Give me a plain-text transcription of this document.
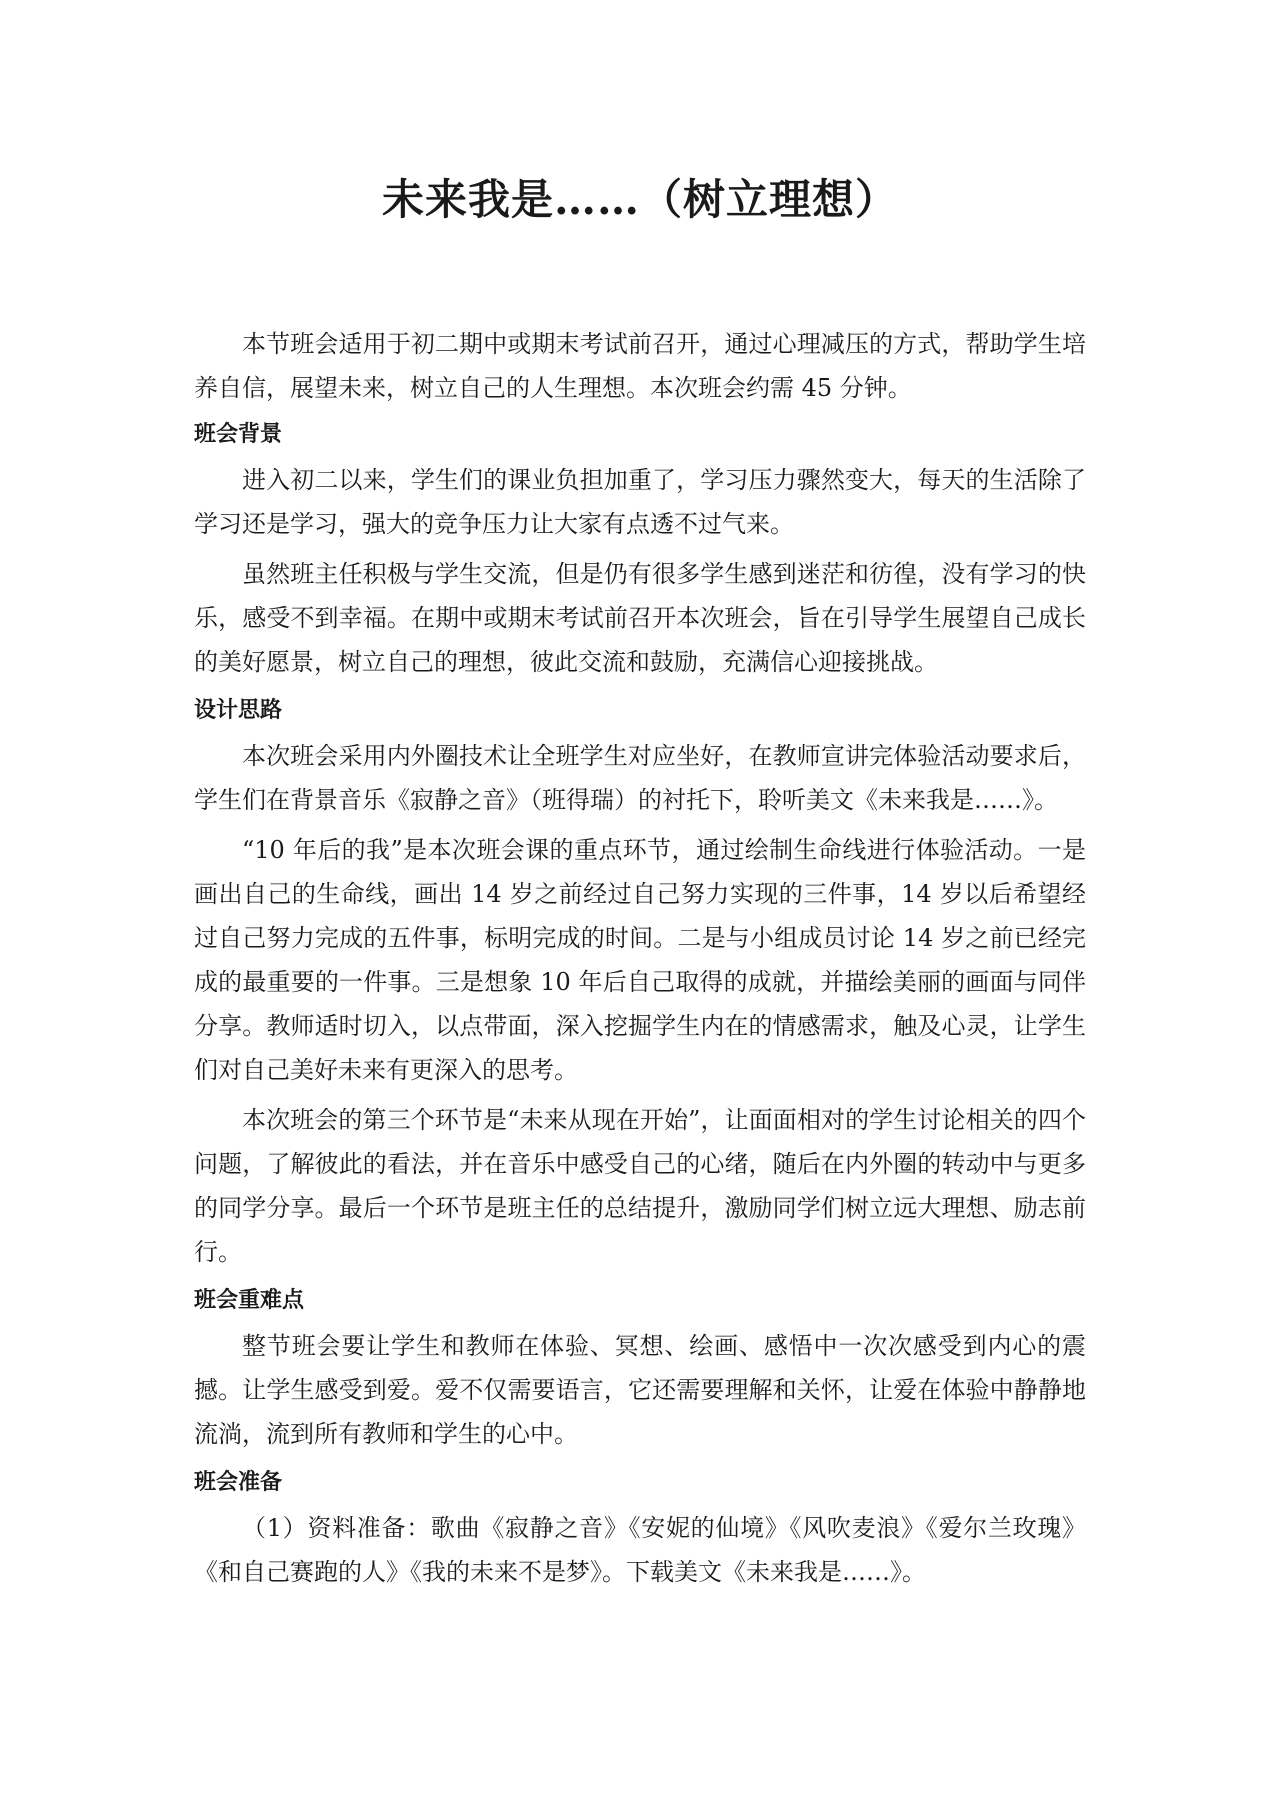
未来我是……（树立理想）

本节班会适用于初二期中或期末考试前召开，通过心理减压的方式，帮助学生培养自信，展望未来，树立自己的人生理想。本次班会约需 45 分钟。

班会背景

进入初二以来，学生们的课业负担加重了，学习压力骤然变大，每天的生活除了学习还是学习，强大的竞争压力让大家有点透不过气来。

虽然班主任积极与学生交流，但是仍有很多学生感到迷茫和彷徨，没有学习的快乐，感受不到幸福。在期中或期末考试前召开本次班会，旨在引导学生展望自己成长的美好愿景，树立自己的理想，彼此交流和鼓励，充满信心迎接挑战。

设计思路

本次班会采用内外圈技术让全班学生对应坐好，在教师宣讲完体验活动要求后，学生们在背景音乐《寂静之音》（班得瑞）的衬托下，聆听美文《未来我是……》。

“10 年后的我”是本次班会课的重点环节，通过绘制生命线进行体验活动。一是画出自己的生命线，画出 14 岁之前经过自己努力实现的三件事，14 岁以后希望经过自己努力完成的五件事，标明完成的时间。二是与小组成员讨论 14 岁之前已经完成的最重要的一件事。三是想象 10 年后自己取得的成就，并描绘美丽的画面与同伴分享。教师适时切入，以点带面，深入挖掘学生内在的情感需求，触及心灵，让学生们对自己美好未来有更深入的思考。

本次班会的第三个环节是“未来从现在开始”，让面面相对的学生讨论相关的四个问题，了解彼此的看法，并在音乐中感受自己的心绪，随后在内外圈的转动中与更多的同学分享。最后一个环节是班主任的总结提升，激励同学们树立远大理想、励志前行。

班会重难点

整节班会要让学生和教师在体验、冥想、绘画、感悟中一次次感受到内心的震撼。让学生感受到爱。爱不仅需要语言，它还需要理解和关怀，让爱在体验中静静地流淌，流到所有教师和学生的心中。

班会准备

（1）资料准备：歌曲《寂静之音》《安妮的仙境》《风吹麦浪》《爱尔兰玫瑰》《和自己赛跑的人》《我的未来不是梦》。下载美文《未来我是……》。
